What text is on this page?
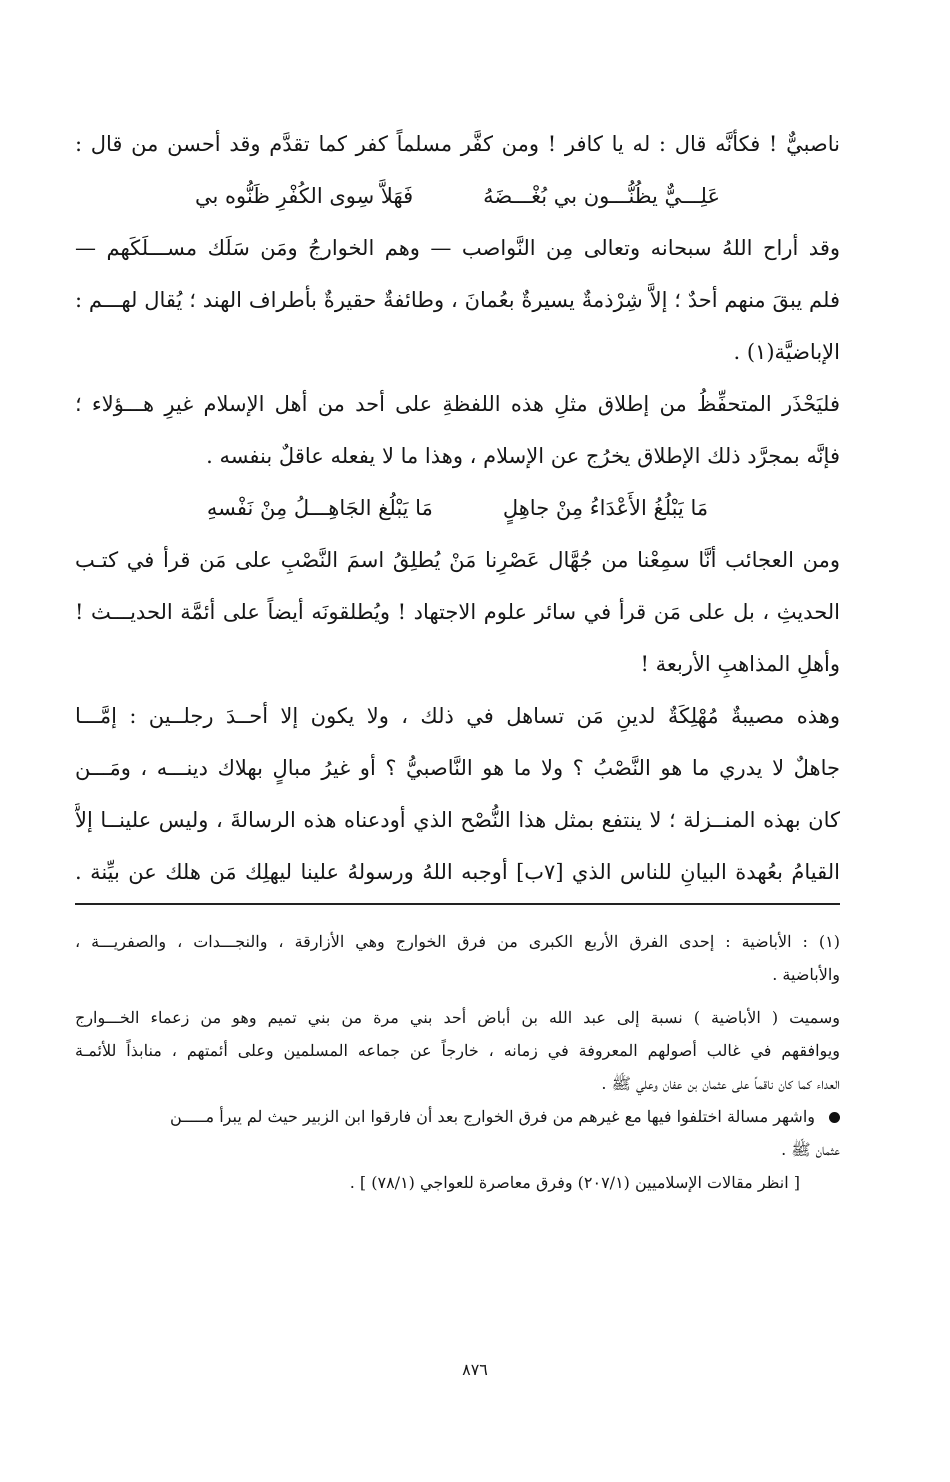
ناصبيٌّ ! فكأنَّه قال : له يا كافر ! ومن كفَّر مسلماً كفر كما تقدَّم وقد أحسن من قال :
عَلِـــيٌّ يظُنُّـــون بي بُغْـــضَهُ
فَهَلاَّ سِوى الكُفْرِ ظَنُّوه بي
وقد أراح اللهُ سبحانه وتعالى مِن النَّواصب — وهم الخوارجُ ومَن سَلَك مســـلَكَهم —
فلم يبقَ منهم أحدٌ ؛ إلاَّ شِرْذمةٌ يسيرةٌ بعُمانَ ، وطائفةٌ حقيرةٌ بأطراف الهند ؛ يُقال لهـــم :
الإباضيَّة(١) .
فليَحْذَر المتحفِّظُ من إطلاق مثلِ هذه اللفظةِ على أحد من أهل الإسلام غيرِ هـــؤلاء ؛
فإنَّه بمجرَّد ذلك الإطلاق يخرُج عن الإسلام ، وهذا ما لا يفعله عاقلٌ بنفسه .
مَا يَبْلُغُ الأَعْدَاءُ مِنْ جاهِلٍ
مَا يَبْلُغ الجَاهِـــلُ مِنْ نَفْسهِ
ومن العجائب أنَّا سمِعْنا من جُهَّال عَصْرِنا مَنْ يُطلِقُ اسمَ النَّصْبِ على مَن قرأ في كتـب
الحديثِ ، بل على مَن قرأ في سائر علوم الاجتهاد ! ويُطلقونَه أيضاً على أئمَّة الحديـــث !
وأهلِ المذاهبِ الأربعة !
وهذه مصيبةٌ مُهْلِكَةٌ لدينِ مَن تساهل في ذلك ، ولا يكون إلا أحــدَ رجلــين : إمَّـــا
جاهلٌ لا يدري ما هو النَّصْبُ ؟ ولا ما هو النَّاصبيُّ ؟ أو غيرُ مبالٍ بهلاك دينـــه ، ومَـــن
كان بهذه المنــزلة ؛ لا ينتفع بمثل هذا النُّصْح الذي أودعناه هذه الرسالةَ ، وليس علينــا إلاَّ
القيامُ بعُهدة البيانِ للناس الذي [٧ب] أوجبه اللهُ ورسولهُ علينا ليهلِك مَن هلك عن بيِّنة .
(١) : الأباضية : إحدى الفرق الأربع الكبرى من فرق الخوارج وهي الأزارقة ، والنجـــدات ، والصفريـــة ،
والأباضية .
وسميت ( الأباضية ) نسبة إلى عبد الله بن أباض أحد بني مرة من بني تميم وهو من زعماء الخـــوارج
ويوافقهم في غالب أصولهم المعروفة في زمانه ، خارجاً عن جماعه المسلمين وعلى أئمتهم ، منابذاً للأئمـة
العداء كما كان ناقماً على عثمان بن عفان وعلي ﷺ .
واشهر مسالة اختلفوا فيها مع غيرهم من فرق الخوارج بعد أن فارقوا ابن الزبير حيث لم يبرأ مـــــن
عثمان ﷺ .
[ انظر مقالات الإسلاميين (٢٠٧/١) وفرق معاصرة للعواجي (٧٨/١) ] .
٨٧٦
